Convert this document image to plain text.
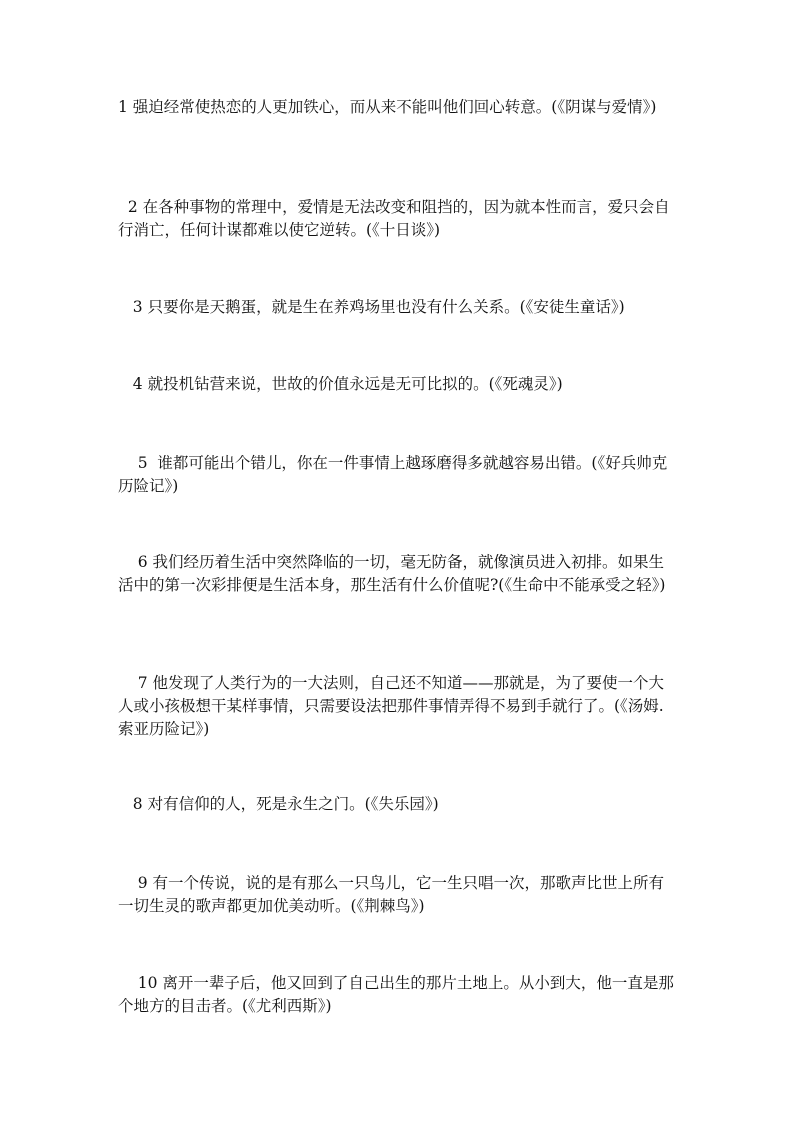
1 强迫经常使热恋的人更加铁心，而从来不能叫他们回心转意。(《阴谋与爱情》)

2 在各种事物的常理中，爱情是无法改变和阻挡的，因为就本性而言，爱只会自行消亡，任何计谋都难以使它逆转。(《十日谈》)

3 只要你是天鹅蛋，就是生在养鸡场里也没有什么关系。(《安徒生童话》)

4 就投机钻营来说，世故的价值永远是无可比拟的。(《死魂灵》)

5  谁都可能出个错儿，你在一件事情上越琢磨得多就越容易出错。(《好兵帅克历险记》)

6 我们经历着生活中突然降临的一切，毫无防备，就像演员进入初排。如果生活中的第一次彩排便是生活本身，那生活有什么价值呢?(《生命中不能承受之轻》)

7 他发现了人类行为的一大法则，自己还不知道——那就是，为了要使一个大人或小孩极想干某样事情，只需要设法把那件事情弄得不易到手就行了。(《汤姆.索亚历险记》)

8 对有信仰的人，死是永生之门。(《失乐园》)

9 有一个传说，说的是有那么一只鸟儿，它一生只唱一次，那歌声比世上所有一切生灵的歌声都更加优美动听。(《荆棘鸟》)

10 离开一辈子后，他又回到了自己出生的那片土地上。从小到大，他一直是那个地方的目击者。(《尤利西斯》)
